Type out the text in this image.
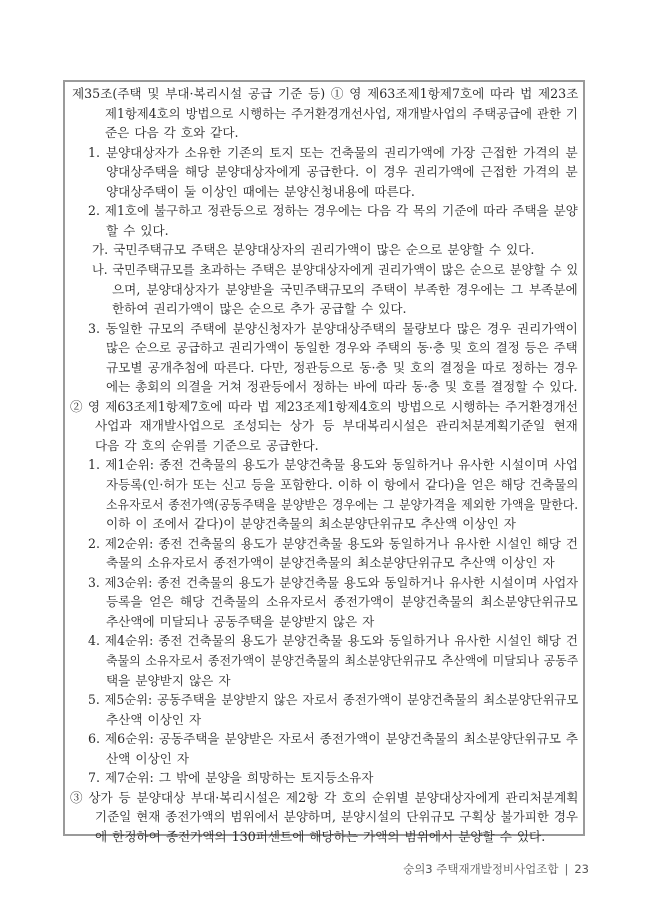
제35조(주택 및 부대·복리시설 공급 기준 등) ① 영 제63조제1항제7호에 따라 법 제23조
제1항제4호의 방법으로 시행하는 주거환경개선사업, 재개발사업의 주택공급에 관한 기
준은 다음 각 호와 같다.
1. 분양대상자가 소유한 기존의 토지 또는 건축물의 권리가액에 가장 근접한 가격의 분
양대상주택을 해당 분양대상자에게 공급한다. 이 경우 권리가액에 근접한 가격의 분
양대상주택이 둘 이상인 때에는 분양신청내용에 따른다.
2. 제1호에 불구하고 정관등으로 정하는 경우에는 다음 각 목의 기준에 따라 주택을 분양
할 수 있다.
가. 국민주택규모 주택은 분양대상자의 권리가액이 많은 순으로 분양할 수 있다.
나. 국민주택규모를 초과하는 주택은 분양대상자에게 권리가액이 많은 순으로 분양할 수 있
으며, 분양대상자가 분양받을 국민주택규모의 주택이 부족한 경우에는 그 부족분에
한하여 권리가액이 많은 순으로 추가 공급할 수 있다.
3. 동일한 규모의 주택에 분양신청자가 분양대상주택의 물량보다 많은 경우 권리가액이
많은 순으로 공급하고 권리가액이 동일한 경우와 주택의 동·층 및 호의 결정 등은 주택
규모별 공개추첨에 따른다. 다만, 정관등으로 동·층 및 호의 결정을 따로 정하는 경우
에는 총회의 의결을 거쳐 정관등에서 정하는 바에 따라 동·층 및 호를 결정할 수 있다.
② 영 제63조제1항제7호에 따라 법 제23조제1항제4호의 방법으로 시행하는 주거환경개선
사업과 재개발사업으로 조성되는 상가 등 부대복리시설은 관리처분계획기준일 현재
다음 각 호의 순위를 기준으로 공급한다.
1. 제1순위: 종전 건축물의 용도가 분양건축물 용도와 동일하거나 유사한 시설이며 사업
자등록(인·허가 또는 신고 등을 포함한다. 이하 이 항에서 같다)을 얻은 해당 건축물의
소유자로서 종전가액(공동주택을 분양받은 경우에는 그 분양가격을 제외한 가액을 말한다.
이하 이 조에서 같다)이 분양건축물의 최소분양단위규모 추산액 이상인 자
2. 제2순위: 종전 건축물의 용도가 분양건축물 용도와 동일하거나 유사한 시설인 해당 건
축물의 소유자로서 종전가액이 분양건축물의 최소분양단위규모 추산액 이상인 자
3. 제3순위: 종전 건축물의 용도가 분양건축물 용도와 동일하거나 유사한 시설이며 사업자
등록을 얻은 해당 건축물의 소유자로서 종전가액이 분양건축물의 최소분양단위규모
추산액에 미달되나 공동주택을 분양받지 않은 자
4. 제4순위: 종전 건축물의 용도가 분양건축물 용도와 동일하거나 유사한 시설인 해당 건
축물의 소유자로서 종전가액이 분양건축물의 최소분양단위규모 추산액에 미달되나 공동주
택을 분양받지 않은 자
5. 제5순위: 공동주택을 분양받지 않은 자로서 종전가액이 분양건축물의 최소분양단위규모
추산액 이상인 자
6. 제6순위: 공동주택을 분양받은 자로서 종전가액이 분양건축물의 최소분양단위규모 추
산액 이상인 자
7. 제7순위: 그 밖에 분양을 희망하는 토지등소유자
③ 상가 등 분양대상 부대·복리시설은 제2항 각 호의 순위별 분양대상자에게 관리처분계획
기준일 현재 종전가액의 범위에서 분양하며, 분양시설의 단위규모 구획상 불가피한 경우
에 한정하여 종전가액의 130퍼센트에 해당하는 가액의 범위에서 분양할 수 있다.
숭의3 주택재개발정비사업조합 | 23
